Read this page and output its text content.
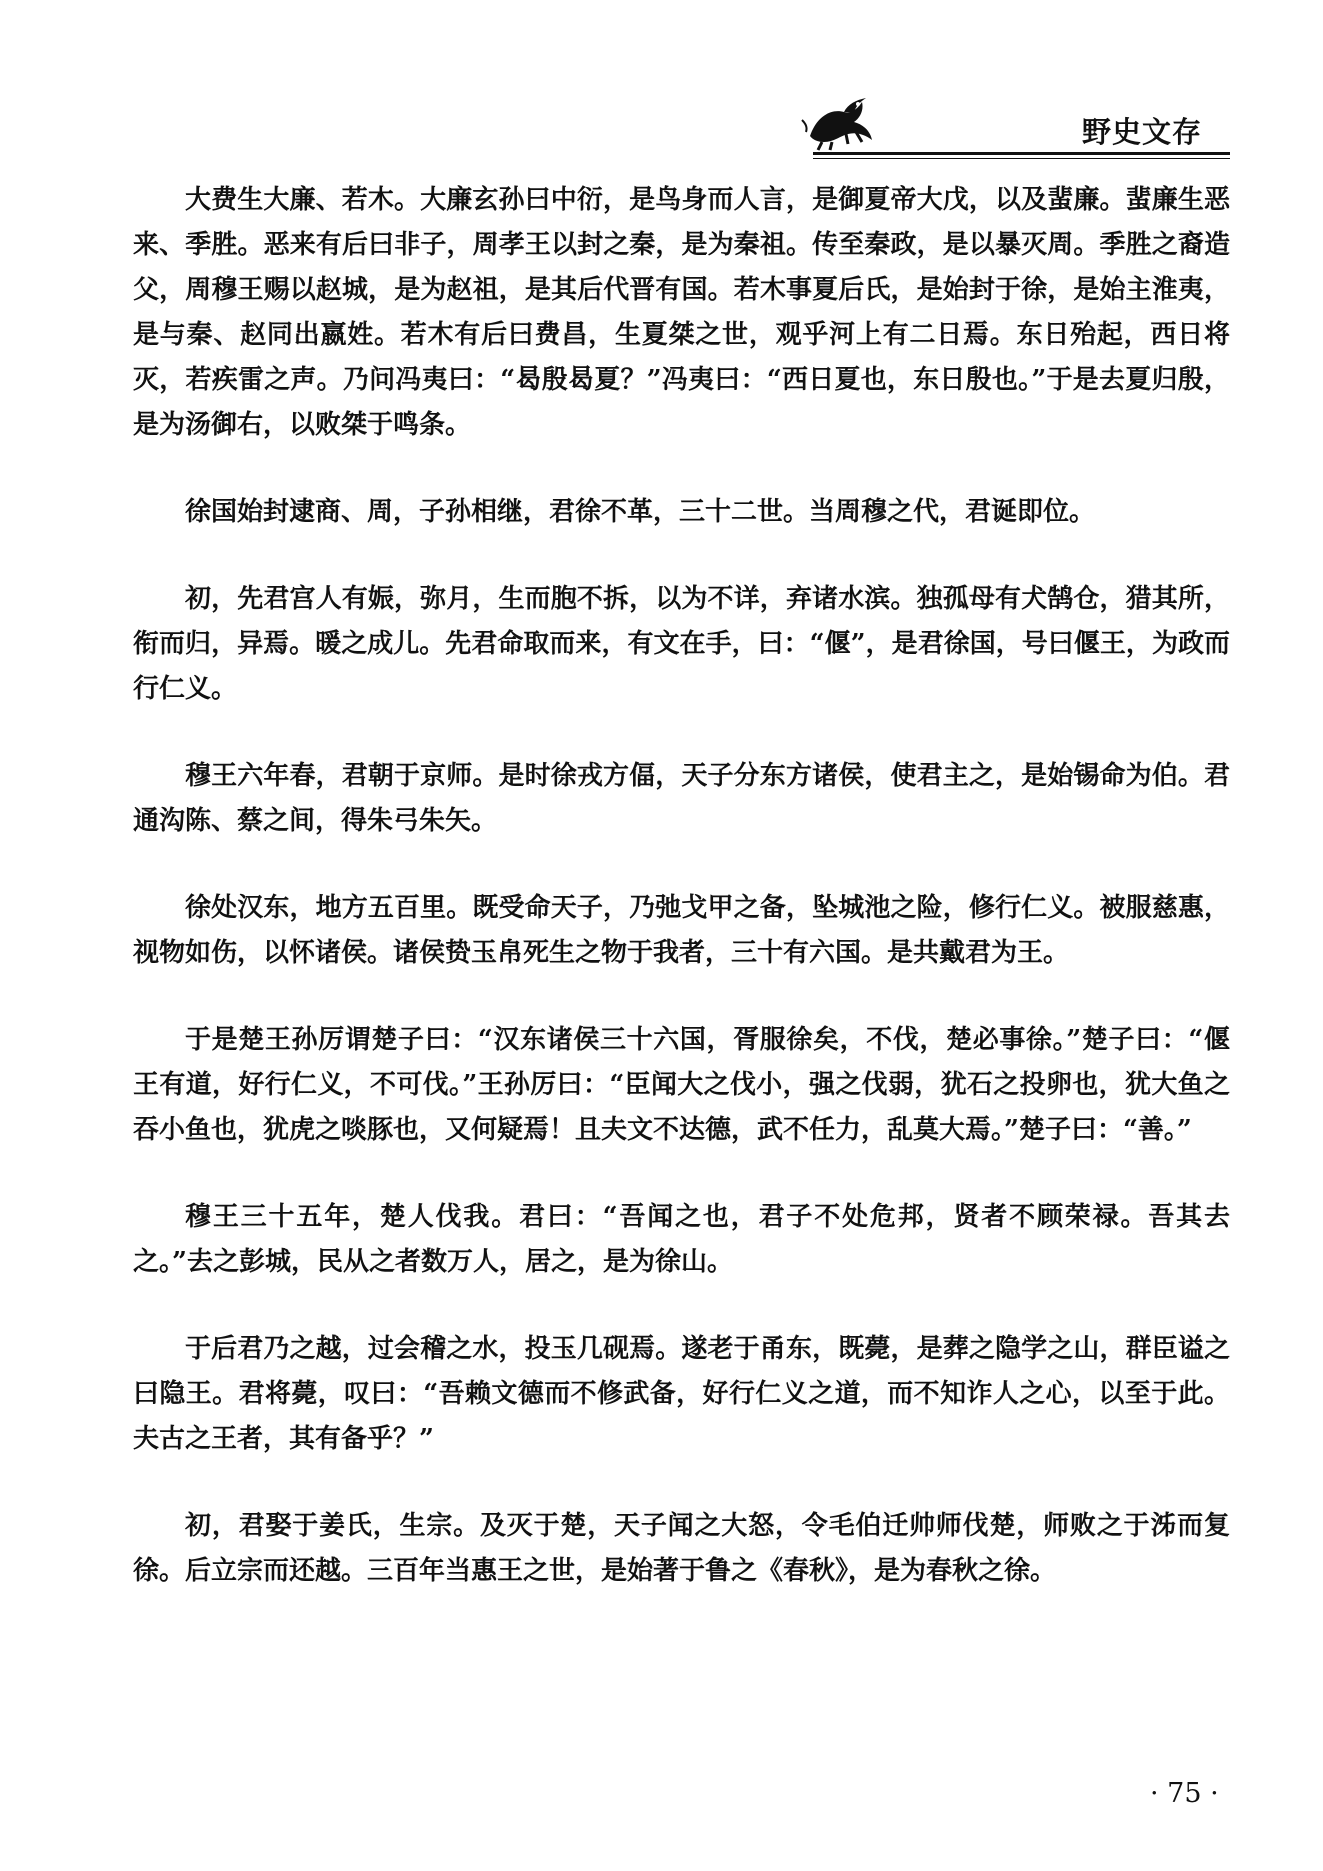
野史文存

大费生大廉、若木。大廉玄孙曰中衍，是鸟身而人言，是御夏帝大戊，以及蜚廉。蜚廉生恶来、季胜。恶来有后曰非子，周孝王以封之秦，是为秦祖。传至秦政，是以暴灭周。季胜之裔造父，周穆王赐以赵城，是为赵祖，是其后代晋有国。若木事夏后氏，是始封于徐，是始主淮夷，是与秦、赵同出嬴姓。若木有后曰费昌，生夏桀之世，观乎河上有二日焉。东日殆起，西日将灭，若疾雷之声。乃问冯夷曰：“曷殷曷夏？”冯夷曰：“西日夏也，东日殷也。”于是去夏归殷，是为汤御右，以败桀于鸣条。

徐国始封逮商、周，子孙相继，君徐不革，三十二世。当周穆之代，君诞即位。

初，先君宫人有娠，弥月，生而胞不拆，以为不详，弃诸水滨。独孤母有犬鹄仓，猎其所，衔而归，异焉。暖之成儿。先君命取而来，有文在手，曰：“偃”，是君徐国，号曰偃王，为政而行仁义。

穆王六年春，君朝于京师。是时徐戎方偪，天子分东方诸侯，使君主之，是始锡命为伯。君通沟陈、蔡之间，得朱弓朱矢。

徐处汉东，地方五百里。既受命天子，乃弛戈甲之备，坠城池之险，修行仁义。被服慈惠，视物如伤，以怀诸侯。诸侯贽玉帛死生之物于我者，三十有六国。是共戴君为王。

于是楚王孙厉谓楚子曰：“汉东诸侯三十六国，胥服徐矣，不伐，楚必事徐。”楚子曰：“偃王有道，好行仁义，不可伐。”王孙厉曰：“臣闻大之伐小，强之伐弱，犹石之投卵也，犹大鱼之吞小鱼也，犹虎之啖豚也，又何疑焉！且夫文不达德，武不任力，乱莫大焉。”楚子曰：“善。”

穆王三十五年，楚人伐我。君曰：“吾闻之也，君子不处危邦，贤者不顾荣禄。吾其去之。”去之彭城，民从之者数万人，居之，是为徐山。

于后君乃之越，过会稽之水，投玉几砚焉。遂老于甬东，既薨，是葬之隐学之山，群臣谥之曰隐王。君将薨，叹曰：“吾赖文德而不修武备，好行仁义之道，而不知诈人之心，以至于此。夫古之王者，其有备乎？”

初，君娶于姜氏，生宗。及灭于楚，天子闻之大怒，令毛伯迁帅师伐楚，师败之于泲而复徐。后立宗而还越。三百年当惠王之世，是始著于鲁之《春秋》，是为春秋之徐。

· 75 ·
